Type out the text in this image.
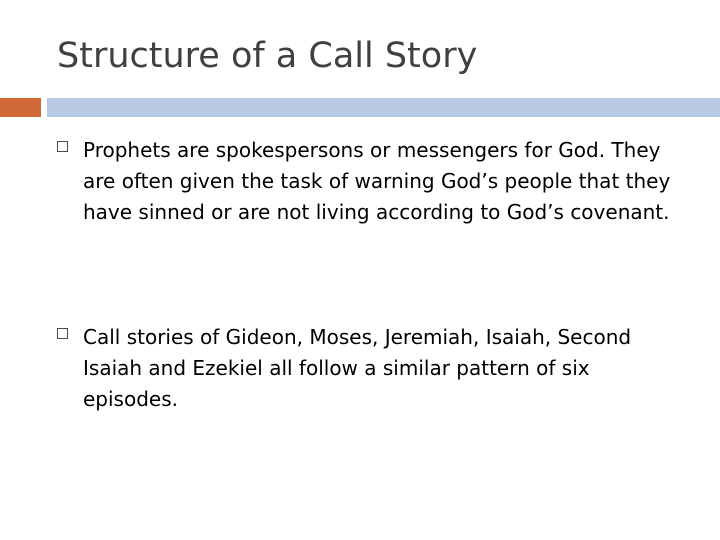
Structure of a Call Story
Prophets are spokespersons or messengers for God. They are often given the task of warning God’s people that they have sinned or are not living according to God’s covenant.
Call stories of Gideon, Moses, Jeremiah, Isaiah, Second Isaiah and Ezekiel all follow a similar pattern of six episodes.
